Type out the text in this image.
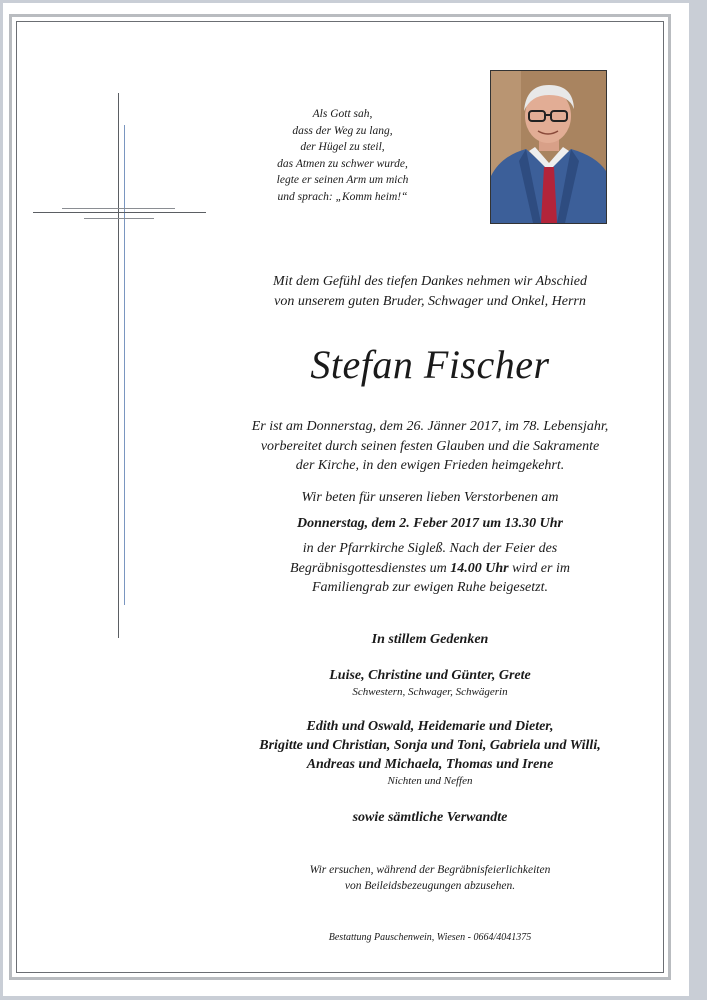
Als Gott sah,
dass der Weg zu lang,
der Hügel zu steil,
das Atmen zu schwer wurde,
legte er seinen Arm um mich
und sprach: „Komm heim!“
Mit dem Gefühl des tiefen Dankes nehmen wir Abschied
von unserem guten Bruder, Schwager und Onkel, Herrn
Stefan Fischer
Er ist am Donnerstag, dem 26. Jänner 2017, im 78. Lebensjahr,
vorbereitet durch seinen festen Glauben und die Sakramente
der Kirche, in den ewigen Frieden heimgekehrt.
Wir beten für unseren lieben Verstorbenen am
Donnerstag, dem 2. Feber 2017 um 13.30 Uhr
in der Pfarrkirche Sigleß. Nach der Feier des
Begräbnisgottesdienstes um 14.00 Uhr wird er im
Familiengrab zur ewigen Ruhe beigesetzt.
In stillem Gedenken
Luise, Christine und Günter, Grete
Schwestern, Schwager, Schwägerin
Edith und Oswald, Heidemarie und Dieter,
Brigitte und Christian, Sonja und Toni, Gabriela und Willi,
Andreas und Michaela, Thomas und Irene
Nichten und Neffen
sowie sämtliche Verwandte
Wir ersuchen, während der Begräbnisfeierlichkeiten
von Beileidsbezeugungen abzusehen.
Bestattung Pauschenwein, Wiesen - 0664/4041375
